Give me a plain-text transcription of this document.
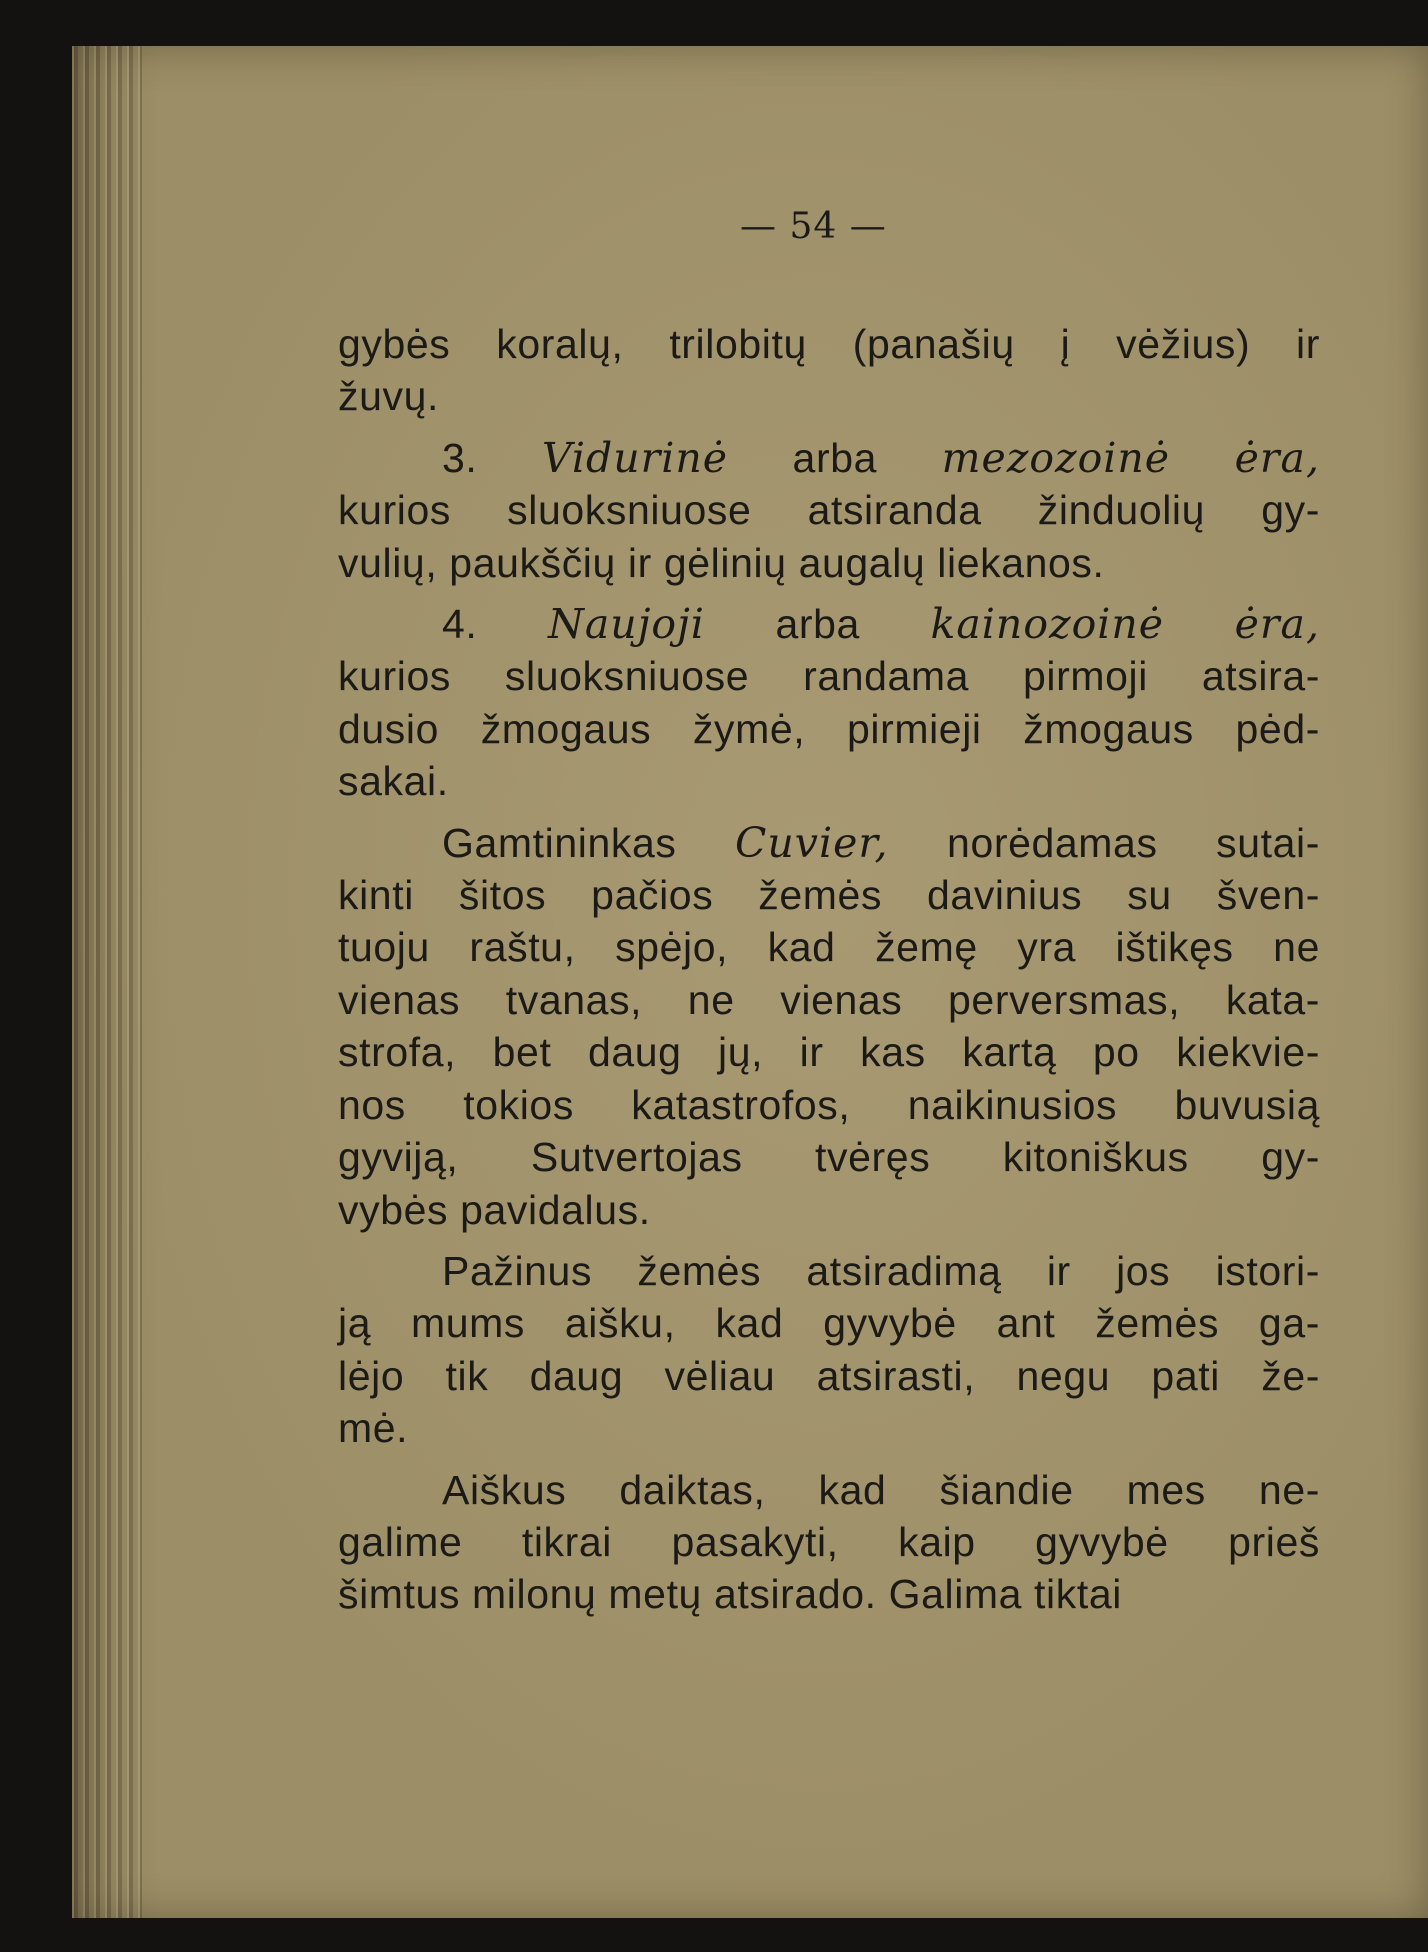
— 54 —
gybės koralų, trilobitų (panašių į vėžius) ir
žuvų.
3. Vidurinė arba mezozoinė ėra,
kurios sluoksniuose atsiranda žinduolių gy-
vulių, paukščių ir gėlinių augalų liekanos.
4. Naujoji arba kainozoinė ėra,
kurios sluoksniuose randama pirmoji atsira-
dusio žmogaus žymė, pirmieji žmogaus pėd-
sakai.
Gamtininkas Cuvier, norėdamas sutai-
kinti šitos pačios žemės davinius su šven-
tuoju raštu, spėjo, kad žemę yra ištikęs ne
vienas tvanas, ne vienas perversmas, kata-
strofa, bet daug jų, ir kas kartą po kiekvie-
nos tokios katastrofos, naikinusios buvusią
gyviją, Sutvertojas tvėręs kitoniškus gy-
vybės pavidalus.
Pažinus žemės atsiradimą ir jos istori-
ją mums aišku, kad gyvybė ant žemės ga-
lėjo tik daug vėliau atsirasti, negu pati že-
mė.
Aiškus daiktas, kad šiandie mes ne-
galime tikrai pasakyti, kaip gyvybė prieš
šimtus milonų metų atsirado. Galima tiktai
